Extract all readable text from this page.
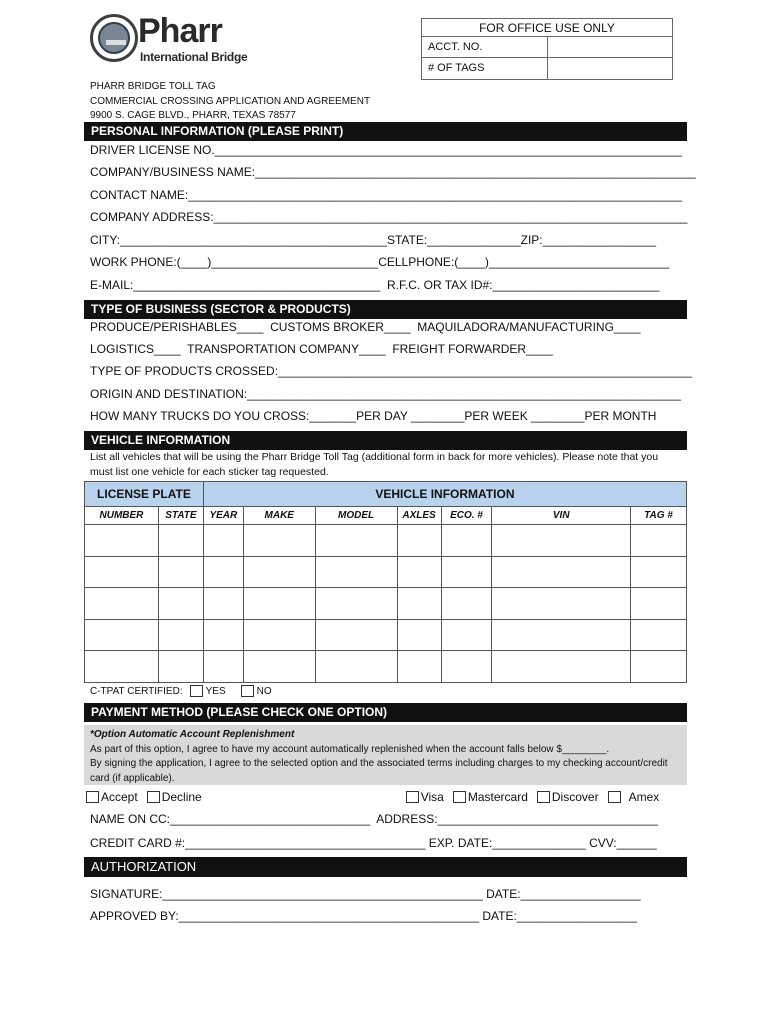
Pharr
International Bridge
FOR OFFICE USE ONLY
ACCT. NO.
# OF TAGS
PHARR BRIDGE TOLL TAG
COMMERCIAL CROSSING APPLICATION AND AGREEMENT
9900 S. CAGE BLVD., PHARR, TEXAS 78577
PERSONAL INFORMATION (PLEASE PRINT)
DRIVER LICENSE NO.______________________________________________________________________
COMPANY/BUSINESS NAME:__________________________________________________________________
CONTACT NAME:__________________________________________________________________________
COMPANY ADDRESS:_______________________________________________________________________
CITY:________________________________________STATE:______________ZIP:_________________
WORK PHONE:(____)_________________________CELLPHONE:(____)___________________________
E-MAIL:_____________________________________  R.F.C. OR TAX ID#:_________________________
TYPE OF BUSINESS (SECTOR & PRODUCTS)
PRODUCE/PERISHABLES____  CUSTOMS BROKER____  MAQUILADORA/MANUFACTURING____
LOGISTICS____  TRANSPORTATION COMPANY____  FREIGHT FORWARDER____
TYPE OF PRODUCTS CROSSED:______________________________________________________________
ORIGIN AND DESTINATION:_________________________________________________________________
HOW MANY TRUCKS DO YOU CROSS:_______PER DAY ________PER WEEK ________PER MONTH
VEHICLE INFORMATION
List all vehicles that will be using the Pharr Bridge Toll Tag (additional form in back for more vehicles). Please note that you must list one vehicle for each sticker tag requested.
LICENSE PLATE		VEHICLE INFORMATION						
NUMBER	STATE	YEAR	MAKE	MODEL	AXLES	ECO. #	VIN	TAG #

C-TPAT CERTIFIED: YES	NO
PAYMENT METHOD (PLEASE CHECK ONE OPTION)
*Option Automatic Account Replenishment
As part of this option, I agree to have my account automatically replenished when the account falls below $________.
By signing the application, I agree to the selected option and the associated terms including charges to my checking account/credit card (if applicable).
Accept Decline	Visa Mastercard Discover	Amex
NAME ON CC:______________________________  ADDRESS:_________________________________
CREDIT CARD #:____________________________________ EXP. DATE:______________ CVV:______
AUTHORIZATION
SIGNATURE:________________________________________________ DATE:__________________
APPROVED BY:_____________________________________________ DATE:__________________
